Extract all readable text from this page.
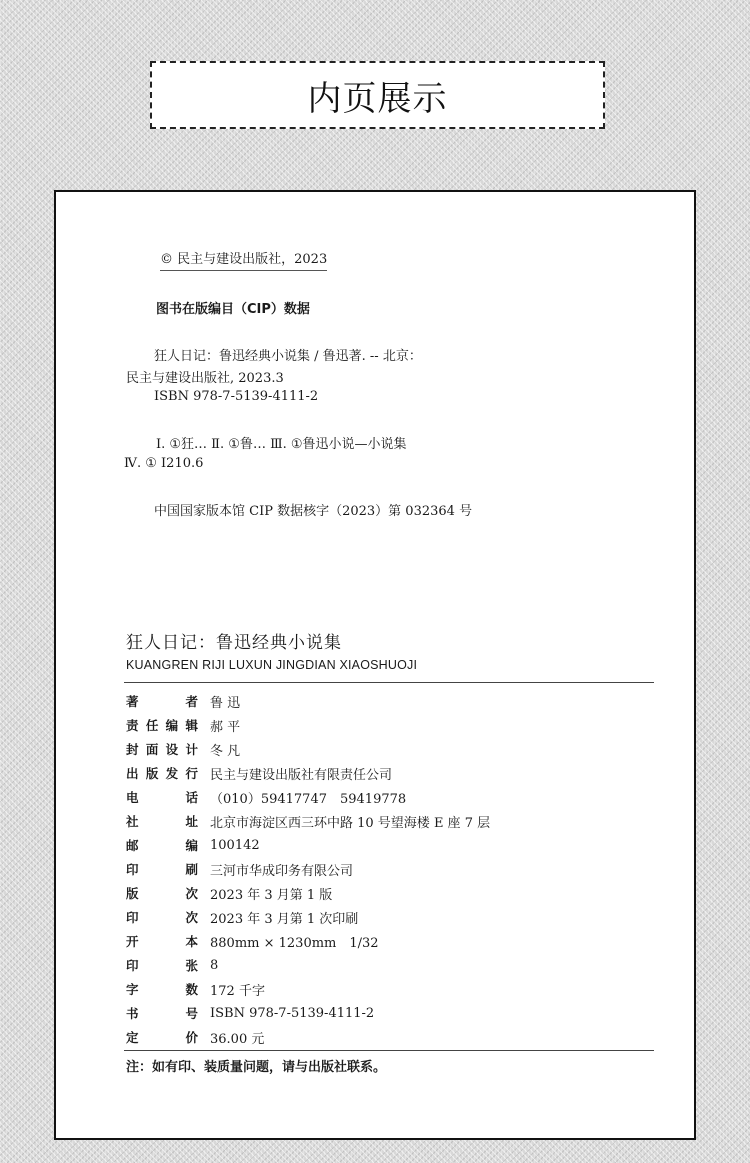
内页展示
© 民主与建设出版社，2023
图书在版编目（CIP）数据
狂人日记：鲁迅经典小说集 / 鲁迅著. -- 北京：
民主与建设出版社, 2023.3
ISBN 978-7-5139-4111-2
Ⅰ. ①狂… Ⅱ. ①鲁… Ⅲ. ①鲁迅小说—小说集
Ⅳ. ① I210.6
中国国家版本馆 CIP 数据核字（2023）第 032364 号
狂人日记：鲁迅经典小说集
KUANGREN RIJI LUXUN JINGDIAN XIAOSHUOJI
著者 鲁 迅
责任编辑 郝 平
封面设计 冬 凡
出版发行 民主与建设出版社有限责任公司
电话 （010）59417747　59419778
社址 北京市海淀区西三环中路 10 号望海楼 E 座 7 层
邮编 100142
印刷 三河市华成印务有限公司
版次 2023 年 3 月第 1 版
印次 2023 年 3 月第 1 次印刷
开本 880mm × 1230mm　1/32
印张 8
字数 172 千字
书号 ISBN 978-7-5139-4111-2
定价 36.00 元
注：如有印、装质量问题，请与出版社联系。
